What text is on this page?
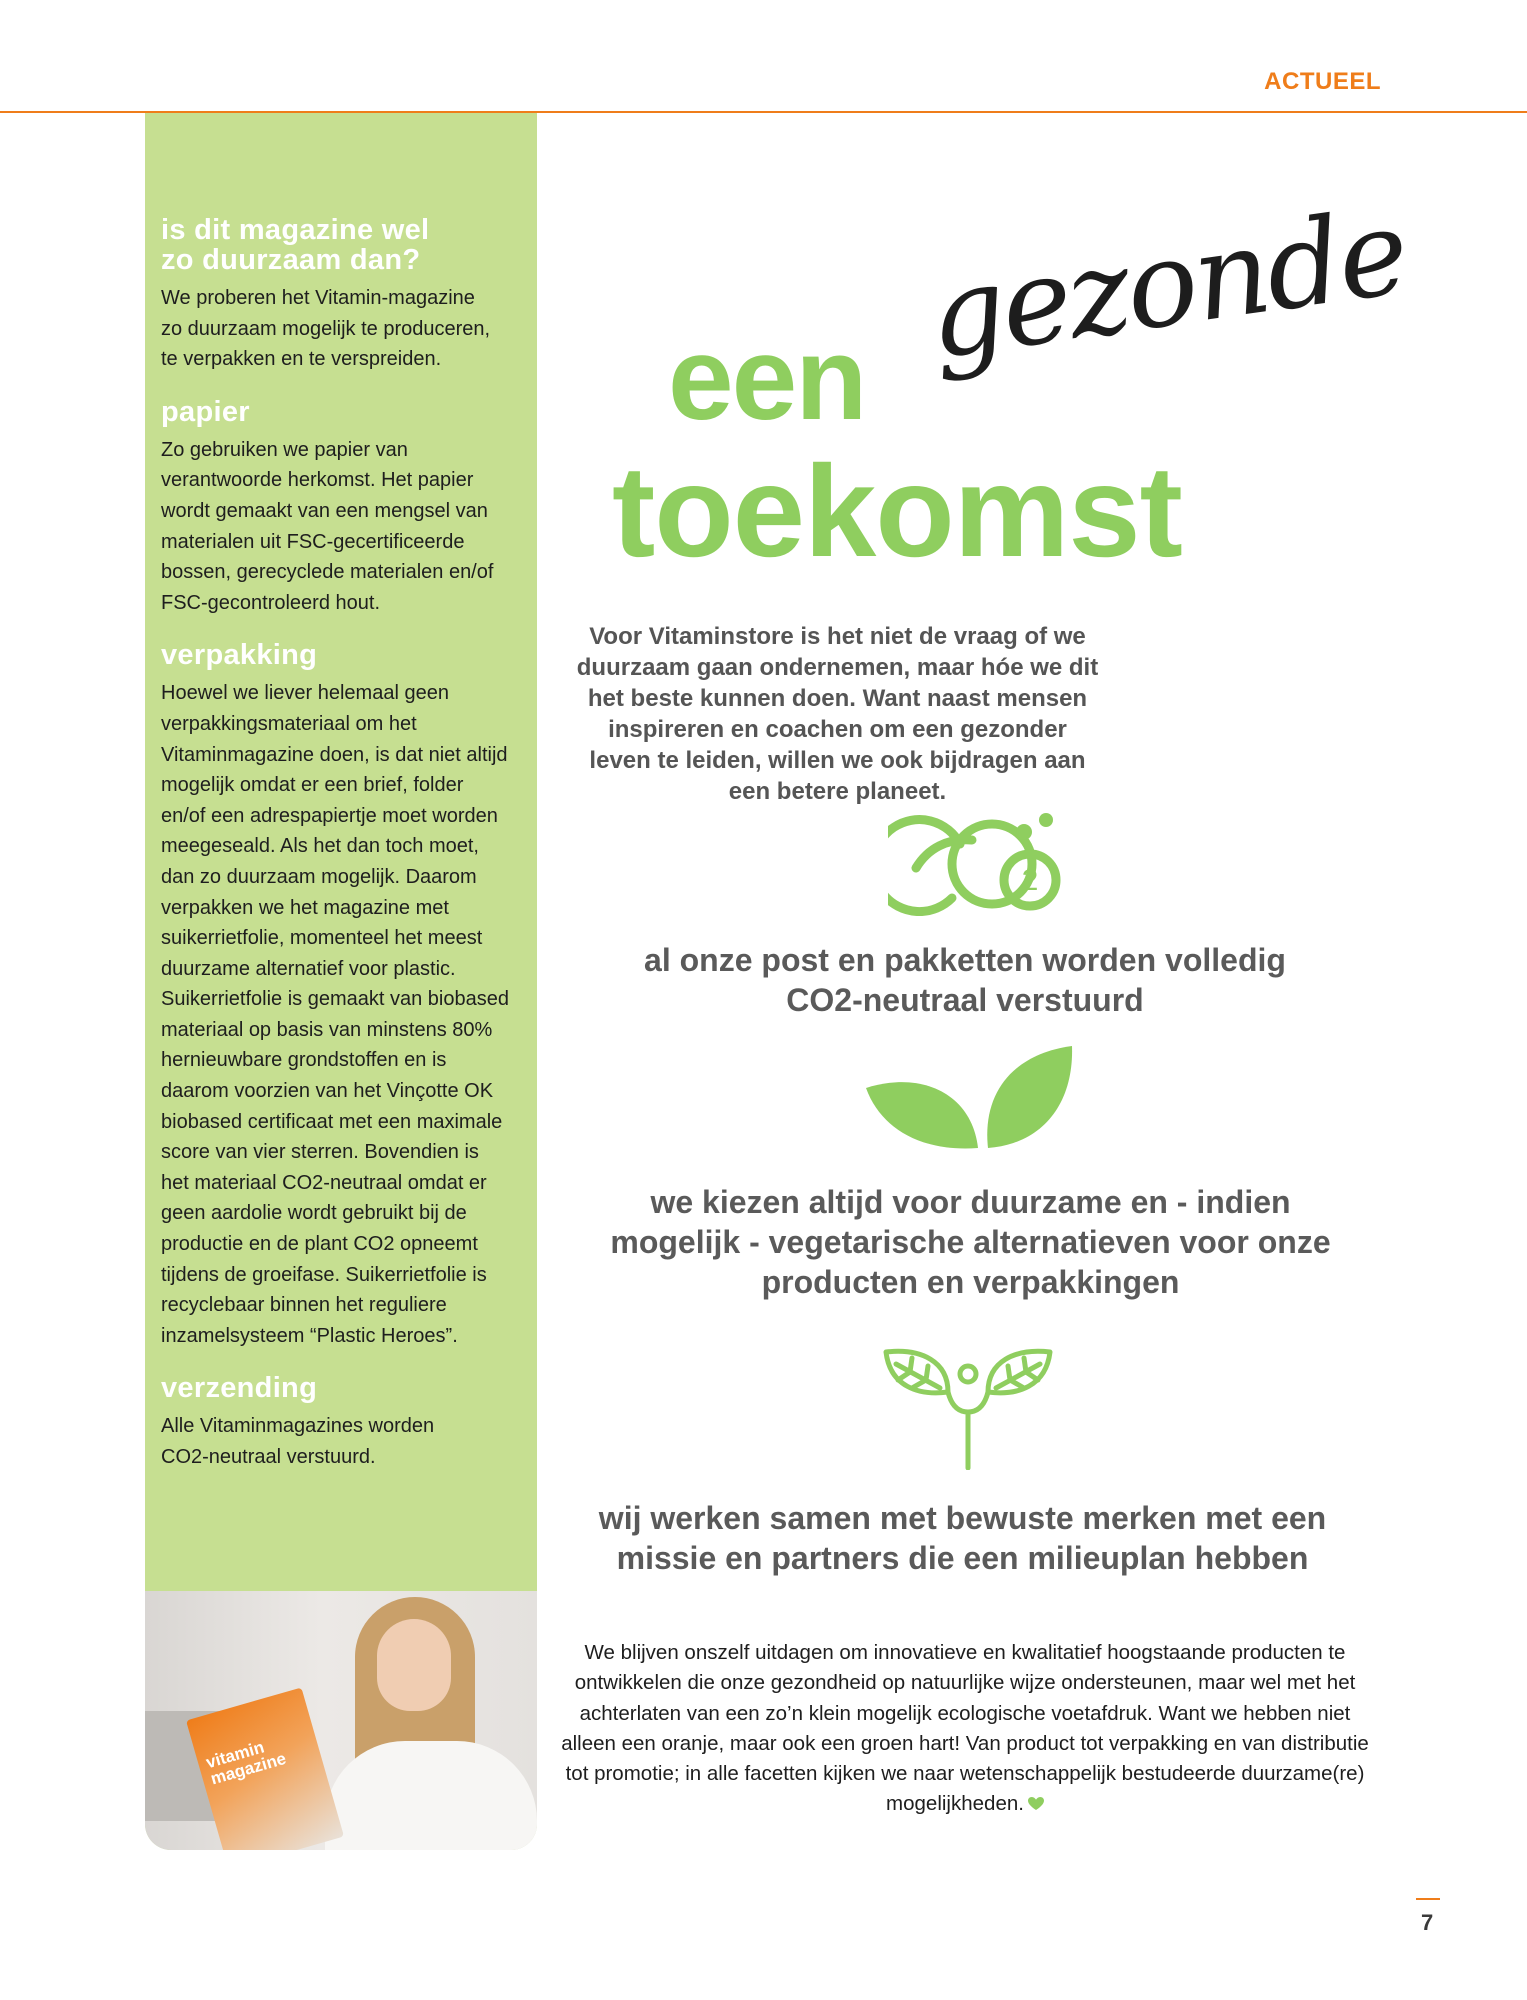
ACTUEEL
is dit magazine wel zo duurzaam dan?

We proberen het Vitamin-magazine zo duurzaam mogelijk te produceren, te verpakken en te verspreiden.

papier

Zo gebruiken we papier van verantwoorde herkomst. Het papier wordt gemaakt van een mengsel van materialen uit FSC-gecertificeerde bossen, gerecyclede materialen en/of FSC-gecontroleerd hout.

verpakking

Hoewel we liever helemaal geen verpakkingsmateriaal om het Vitaminmagazine doen, is dat niet altijd mogelijk omdat er een brief, folder en/of een adrespapiertje moet worden meegeseald. Als het dan toch moet, dan zo duurzaam mogelijk. Daarom verpakken we het magazine met suikerrietfolie, momenteel het meest duurzame alternatief voor plastic. Suikerrietfolie is gemaakt van biobased materiaal op basis van minstens 80% hernieuwbare grondstoffen en is daarom voorzien van het Vinçotte OK biobased certificaat met een maximale score van vier sterren. Bovendien is het materiaal CO2-neutraal omdat er geen aardolie wordt gebruikt bij de productie en de plant CO2 opneemt tijdens de groeifase. Suikerrietfolie is recyclebaar binnen het reguliere inzamelsysteem “Plastic Heroes”.

verzending

Alle Vitaminmagazines worden CO2-neutraal verstuurd.

vitamin magazine
een gezonde
toekomst

Voor Vitaminstore is het niet de vraag of we duurzaam gaan ondernemen, maar hóe we dit het beste kunnen doen. Want naast mensen inspireren en coachen om een gezonder leven te leiden, willen we ook bijdragen aan een betere planeet.

2
al onze post en pakketten worden volledig CO2-neutraal verstuurd
we kiezen altijd voor duurzame en - indien mogelijk - vegetarische alternatieven voor onze producten en verpakkingen
wij werken samen met bewuste merken met een missie en partners die een milieuplan hebben

We blijven onszelf uitdagen om innovatieve en kwalitatief hoogstaande producten te ontwikkelen die onze gezondheid op natuurlijke wijze ondersteunen, maar wel met het achterlaten van een zo’n klein mogelijk ecologische voetafdruk. Want we hebben niet alleen een oranje, maar ook een groen hart! Van product tot verpakking en van distributie tot promotie; in alle facetten kijken we naar wetenschappelijk bestudeerde duurzame(re) mogelijkheden.

7
